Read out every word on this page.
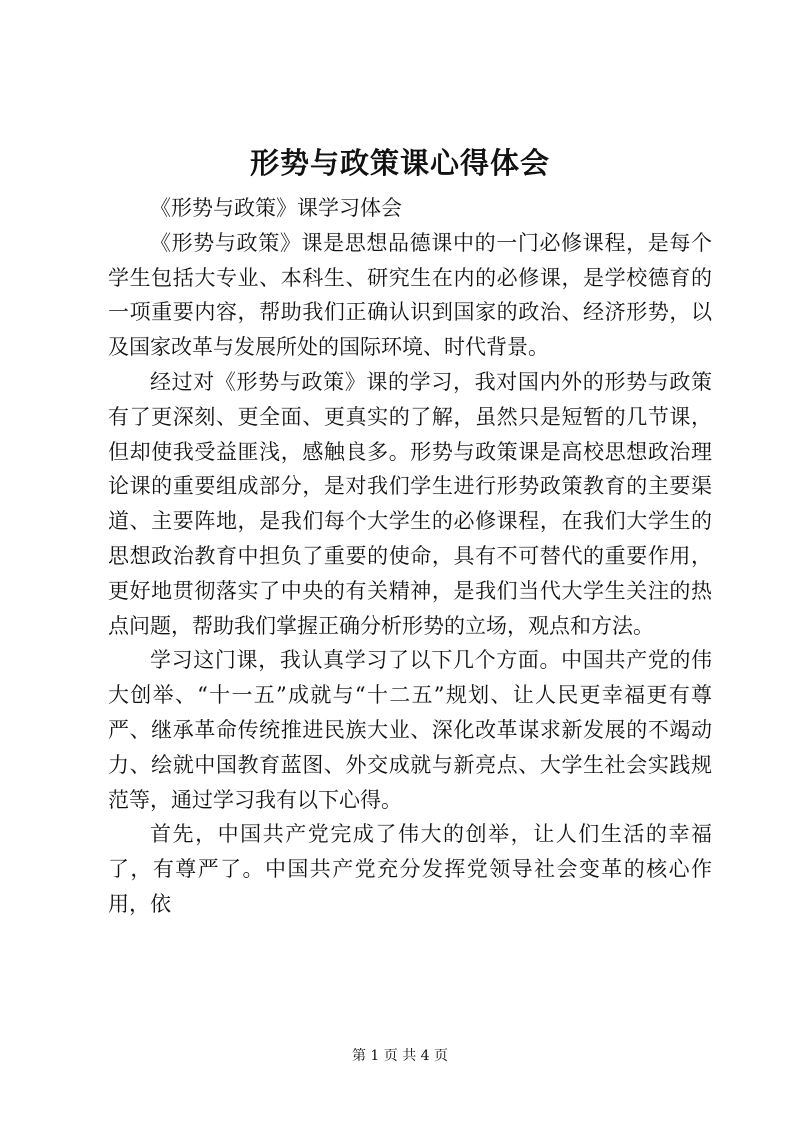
形势与政策课心得体会

《形势与政策》课学习体会

《形势与政策》课是思想品德课中的一门必修课程，是每个学生包括大专业、本科生、研究生在内的必修课，是学校德育的一项重要内容，帮助我们正确认识到国家的政治、经济形势，以及国家改革与发展所处的国际环境、时代背景。

经过对《形势与政策》课的学习，我对国内外的形势与政策有了更深刻、更全面、更真实的了解，虽然只是短暂的几节课，但却使我受益匪浅，感触良多。形势与政策课是高校思想政治理论课的重要组成部分，是对我们学生进行形势政策教育的主要渠道、主要阵地，是我们每个大学生的必修课程，在我们大学生的思想政治教育中担负了重要的使命，具有不可替代的重要作用，更好地贯彻落实了中央的有关精神，是我们当代大学生关注的热点问题，帮助我们掌握正确分析形势的立场，观点和方法。

学习这门课，我认真学习了以下几个方面。中国共产党的伟大创举、“十一五”成就与“十二五”规划、让人民更幸福更有尊严、继承革命传统推进民族大业、深化改革谋求新发展的不竭动力、绘就中国教育蓝图、外交成就与新亮点、大学生社会实践规范等，通过学习我有以下心得。

首先，中国共产党完成了伟大的创举，让人们生活的幸福了，有尊严了。中国共产党充分发挥党领导社会变革的核心作用，依

第 1 页 共 4 页
